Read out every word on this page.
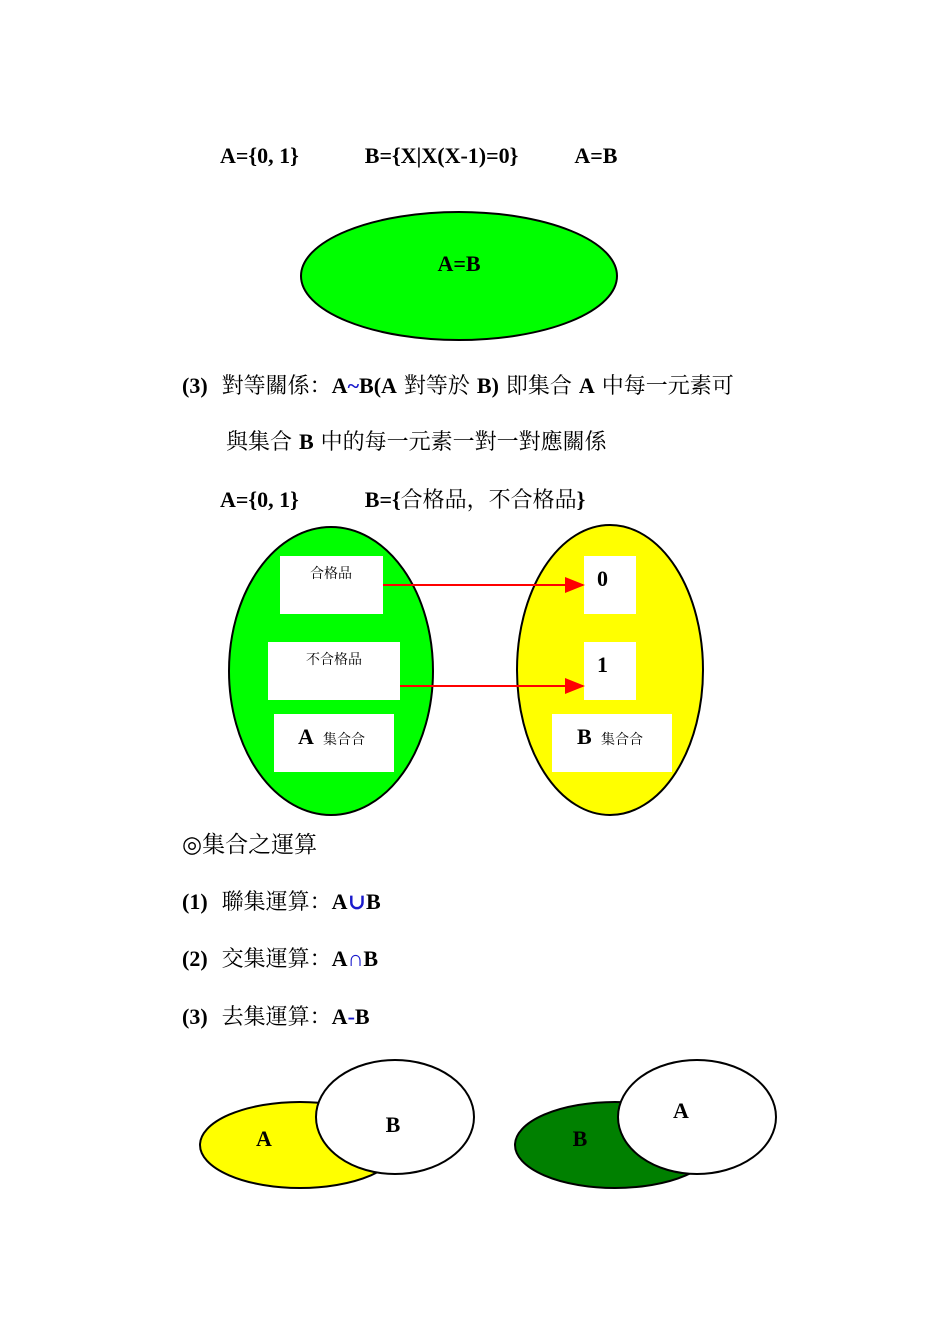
A={0, 1}	B={X|X(X-1)=0}	A=B
A=B
合格品
不合格品
A 集合合
0
1
B 集合合
A
B
B
A
(3) 對等關係：A~B(A 對等於 B) 即集合 A 中每一元素可
與集合 B 中的每一元素一對一對應關係
A={0, 1}	B={合格品，不合格品}
◎集合之運算
(1) 聯集運算：A∪B
(2) 交集運算：A∩B
(3) 去集運算：A-B
